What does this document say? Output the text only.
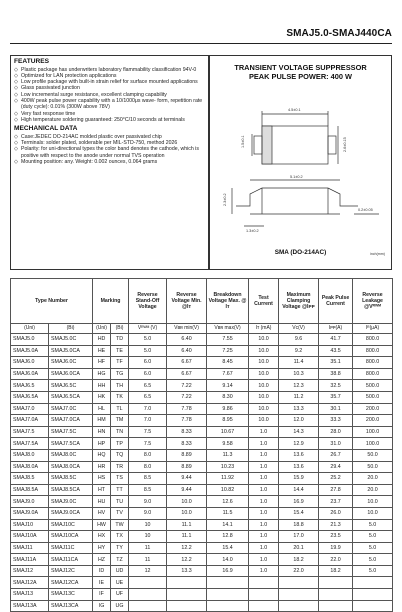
SMAJ5.0-SMAJ440CA
FEATURES
◇ Plastic package has underwriters laboratory flammability classification 94V-0
◇ Optimized for LAN protection applications
◇ Low profile package with built-in strain relief for surface mounted applications
◇ Glass passivated junction
◇ Low incremental surge resistance, excellent clamping capability
◇ 400W peak pulse power capability with a 10/1000μs wave- form, repetition rate (duty cycle): 0.01% (300W above 78V)
◇ Very fast response time
◇ High temperature soldering guaranteed: 250°C/10 seconds at terminals
MECHANICAL DATA
◇ Case:JEDEC DO-214AC molded plastic over passivated chip
◇ Terminals: solder plated, solderable per MIL-STD-750, method 2026
◇ Polarity: for uni-directional types the color band denotes the cathode, which is positive with respect to the anode under normal TVS operation
◇ Mounting position: any. Weight: 0.002 ounces, 0.064 grams
TRANSIENT VOLTAGE SUPPRESSOR
PEAK PULSE POWER: 400 W
4.5±0.1
1.5±0.1	2.6±0.15
5.1±0.2
2.3±0.2
1.3±0.2
0.2±0.05
SMA (DO-214AC)	inch(mm)
Type Number		Marking		Reverse Stand-Off Voltage	Reverse Voltage Min. @Iᴛ	Breakdown Voltage Max. @ Iᴛ	Test Current	Maximum Clamping Voltage @Iᴘᴘ	Peak Pulse Current	Reverse Leakage @Vᴿᵂᴹ
(Uni)	(Bi)	(Uni)	(Bi)	Vᴿᵂᴹ (V)	Vʙʀ min(V)	Vʙʀ max(V)	Iᴛ (mA)	Vᴄ(V)	Iᴘᴘ(A)	Iᴿ(μA)
SMAJ5.0	SMAJ5.0C	HD	TD	5.0	6.40	7.55	10.0	9.6	41.7	800.0
SMAJ5.0A	SMAJ5.0CA	HE	TE	5.0	6.40	7.25	10.0	9.2	43.5	800.0
SMAJ6.0	SMAJ6.0C	HF	TF	6.0	6.67	8.45	10.0	11.4	35.1	800.0
SMAJ6.0A	SMAJ6.0CA	HG	TG	6.0	6.67	7.67	10.0	10.3	38.8	800.0
SMAJ6.5	SMAJ6.5C	HH	TH	6.5	7.22	9.14	10.0	12.3	32.5	500.0
SMAJ6.5A	SMAJ6.5CA	HK	TK	6.5	7.22	8.30	10.0	11.2	35.7	500.0
SMAJ7.0	SMAJ7.0C	HL	TL	7.0	7.78	9.86	10.0	13.3	30.1	200.0
SMAJ7.0A	SMAJ7.0CA	HM	TM	7.0	7.78	8.95	10.0	12.0	33.3	200.0
SMAJ7.5	SMAJ7.5C	HN	TN	7.5	8.33	10.67	1.0	14.3	28.0	100.0
SMAJ7.5A	SMAJ7.5CA	HP	TP	7.5	8.33	9.58	1.0	12.9	31.0	100.0
SMAJ8.0	SMAJ8.0C	HQ	TQ	8.0	8.89	11.3	1.0	13.6	26.7	50.0
SMAJ8.0A	SMAJ8.0CA	HR	TR	8.0	8.89	10.23	1.0	13.6	29.4	50.0
SMAJ8.5	SMAJ8.5C	HS	TS	8.5	9.44	11.92	1.0	15.9	25.2	20.0
SMAJ8.5A	SMAJ8.5CA	HT	TT	8.5	9.44	10.82	1.0	14.4	27.8	20.0
SMAJ9.0	SMAJ9.0C	HU	TU	9.0	10.0	12.6	1.0	16.9	23.7	10.0
SMAJ9.0A	SMAJ9.0CA	HV	TV	9.0	10.0	11.5	1.0	15.4	26.0	10.0
SMAJ10	SMAJ10C	HW	TW	10	11.1	14.1	1.0	18.8	21.3	5.0
SMAJ10A	SMAJ10CA	HX	TX	10	11.1	12.8	1.0	17.0	23.5	5.0
SMAJ11	SMAJ11C	HY	TY	11	12.2	15.4	1.0	20.1	19.9	5.0
SMAJ11A	SMAJ11CA	HZ	TZ	11	12.2	14.0	1.0	18.2	22.0	5.0
SMAJ12	SMAJ12C	ID	UD	12	13.3	16.9	1.0	22.0	18.2	5.0
SMAJ12A	SMAJ12CA	IE	UE							
SMAJ13	SMAJ13C	IF	UF							
SMAJ13A	SMAJ13CA	IG	UG							
